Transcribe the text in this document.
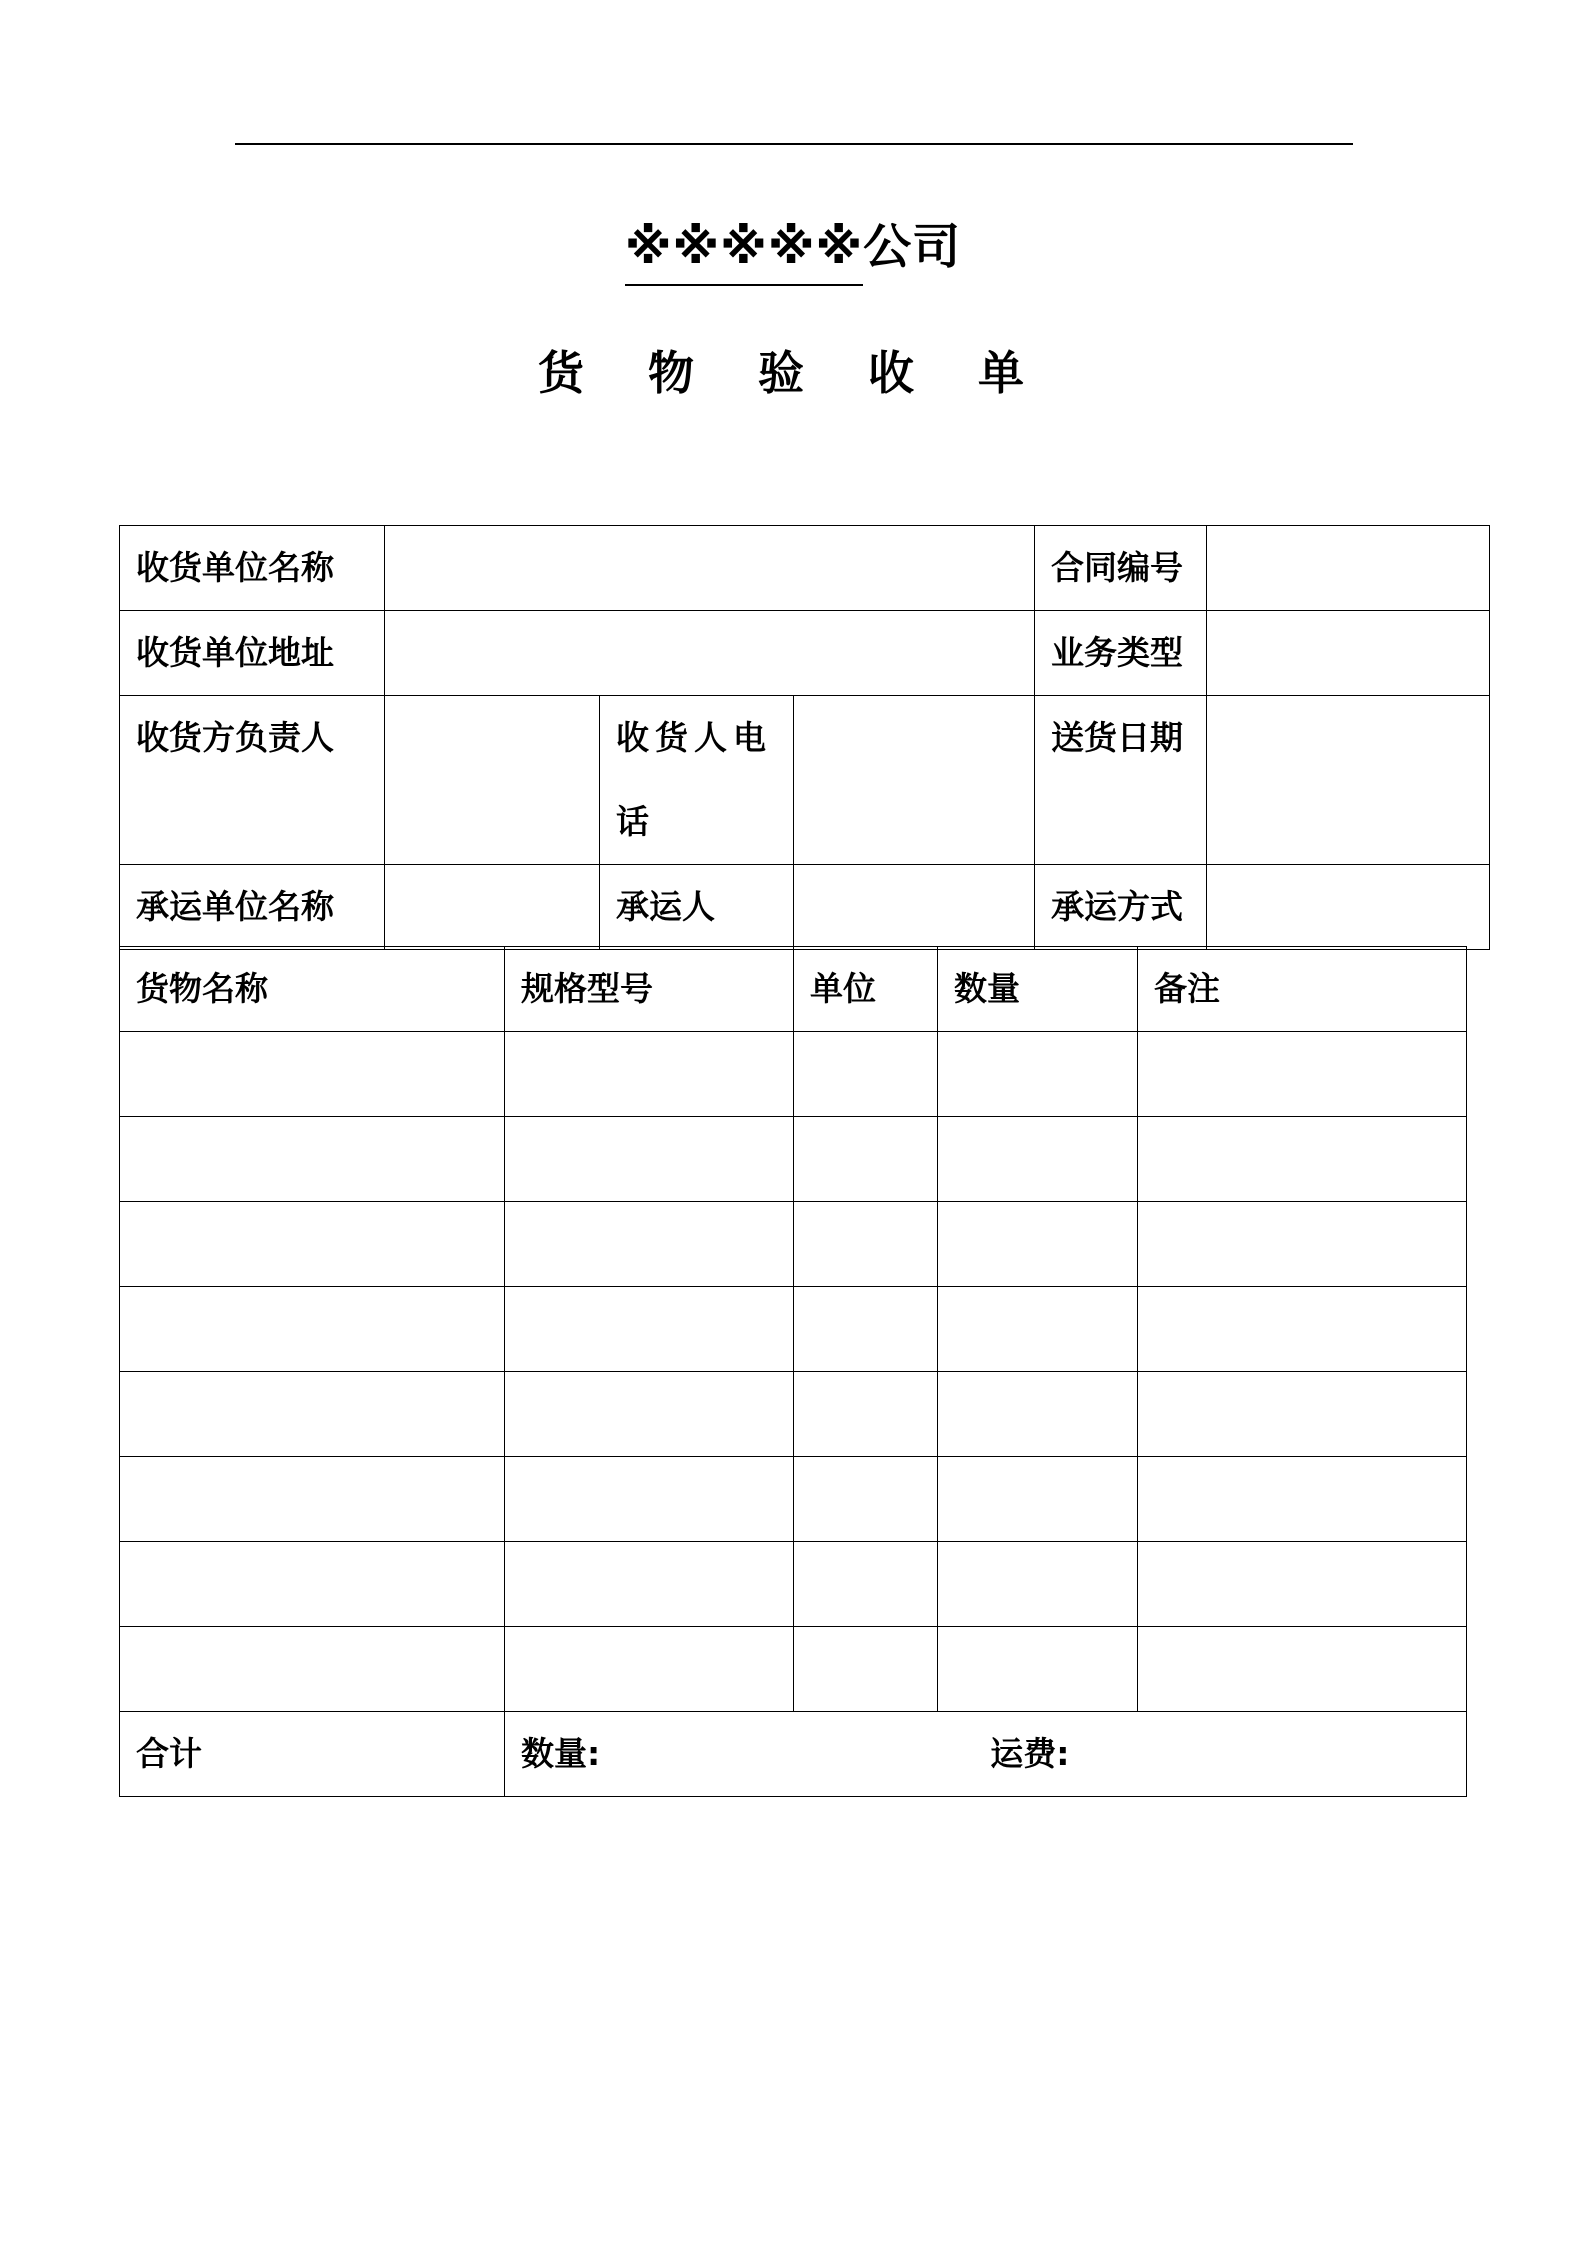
※※※※※公司
货 物 验 收 单
收货单位名称				合同编号	
收货单位地址				业务类型	
收货方负责人		收货人电话		送货日期	
承运单位名称		承运人		承运方式	
货物名称	规格型号	单位	数量	备注

合计	数量: 运费:			
